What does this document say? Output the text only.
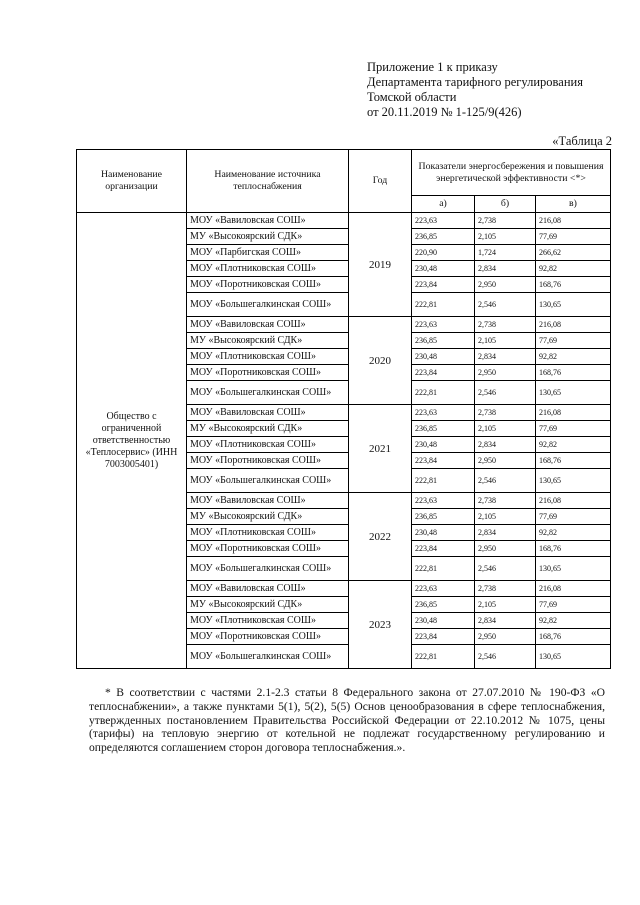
Приложение 1 к приказу
Департамента тарифного регулирования
Томской области
от 20.11.2019 № 1-125/9(426)
«Таблица 2
Наименование организации	Наименование источника теплоснабжения	Год	Показатели энергосбережения и повышения энергетической эффективности <*>		
			а)	б)	в)
Общество с ограниченной ответственностью «Теплосервис» (ИНН 7003005401)	МОУ «Вавиловская СОШ»	2019	223,63	2,738	216,08
	МУ «Высокоярский СДК»		236,85	2,105	77,69
	МОУ «Парбигская СОШ»		220,90	1,724	266,62
	МОУ «Плотниковская СОШ»		230,48	2,834	92,82
	МОУ «Поротниковская СОШ»		223,84	2,950	168,76
	МОУ «Большегалкинская СОШ»		222,81	2,546	130,65
	МОУ «Вавиловская СОШ»	2020	223,63	2,738	216,08
	МУ «Высокоярский СДК»		236,85	2,105	77,69
	МОУ «Плотниковская СОШ»		230,48	2,834	92,82
	МОУ «Поротниковская СОШ»		223,84	2,950	168,76
	МОУ «Большегалкинская СОШ»		222,81	2,546	130,65
	МОУ «Вавиловская СОШ»	2021	223,63	2,738	216,08
	МУ «Высокоярский СДК»		236,85	2,105	77,69
	МОУ «Плотниковская СОШ»		230,48	2,834	92,82
	МОУ «Поротниковская СОШ»		223,84	2,950	168,76
	МОУ «Большегалкинская СОШ»		222,81	2,546	130,65
	МОУ «Вавиловская СОШ»	2022	223,63	2,738	216,08
	МУ «Высокоярский СДК»		236,85	2,105	77,69
	МОУ «Плотниковская СОШ»		230,48	2,834	92,82
	МОУ «Поротниковская СОШ»		223,84	2,950	168,76
	МОУ «Большегалкинская СОШ»		222,81	2,546	130,65
	МОУ «Вавиловская СОШ»	2023	223,63	2,738	216,08
	МУ «Высокоярский СДК»		236,85	2,105	77,69
	МОУ «Плотниковская СОШ»		230,48	2,834	92,82
	МОУ «Поротниковская СОШ»		223,84	2,950	168,76
	МОУ «Большегалкинская СОШ»		222,81	2,546	130,65
* В соответствии с частями 2.1-2.3 статьи 8 Федерального закона от 27.07.2010 № 190-ФЗ «О теплоснабжении», а также пунктами 5(1), 5(2), 5(5) Основ ценообразования в сфере теплоснабжения, утвержденных постановлением Правительства Российской Федерации от 22.10.2012 № 1075, цены (тарифы) на тепловую энергию от котельной не подлежат государственному регулированию и определяются соглашением сторон договора теплоснабжения.».
